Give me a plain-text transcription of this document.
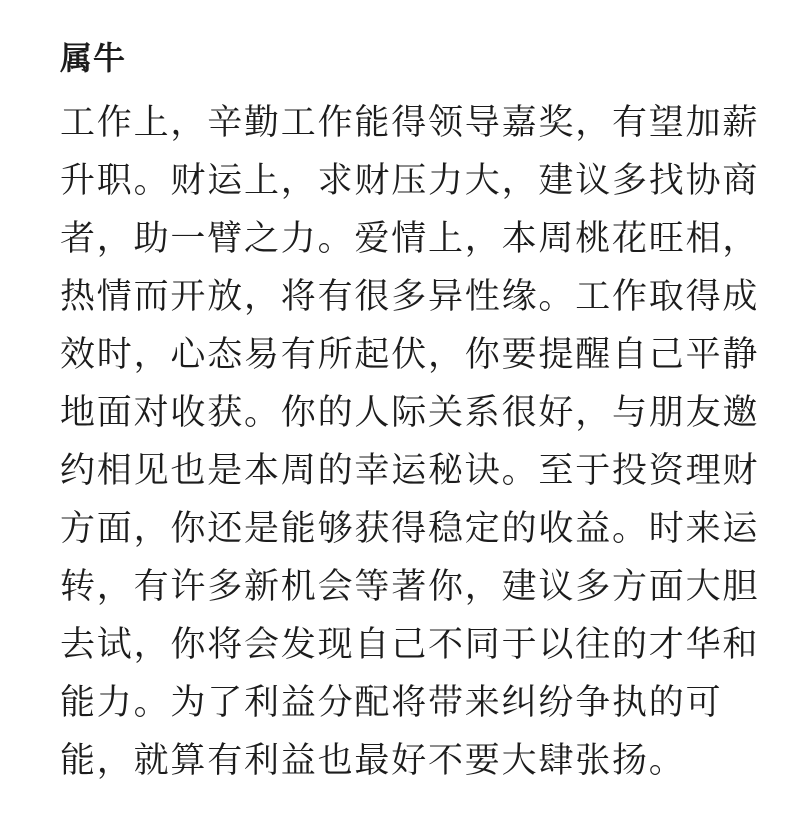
属牛
工作上，辛勤工作能得领导嘉奖，有望加薪
升职。财运上，求财压力大，建议多找协商
者，助一臂之力。爱情上，本周桃花旺相，
热情而开放，将有很多异性缘。工作取得成
效时，心态易有所起伏，你要提醒自己平静
地面对收获。你的人际关系很好，与朋友邀
约相见也是本周的幸运秘诀。至于投资理财
方面，你还是能够获得稳定的收益。时来运
转，有许多新机会等著你，建议多方面大胆
去试，你将会发现自己不同于以往的才华和
能力。为了利益分配将带来纠纷争执的可
能，就算有利益也最好不要大肆张扬。
